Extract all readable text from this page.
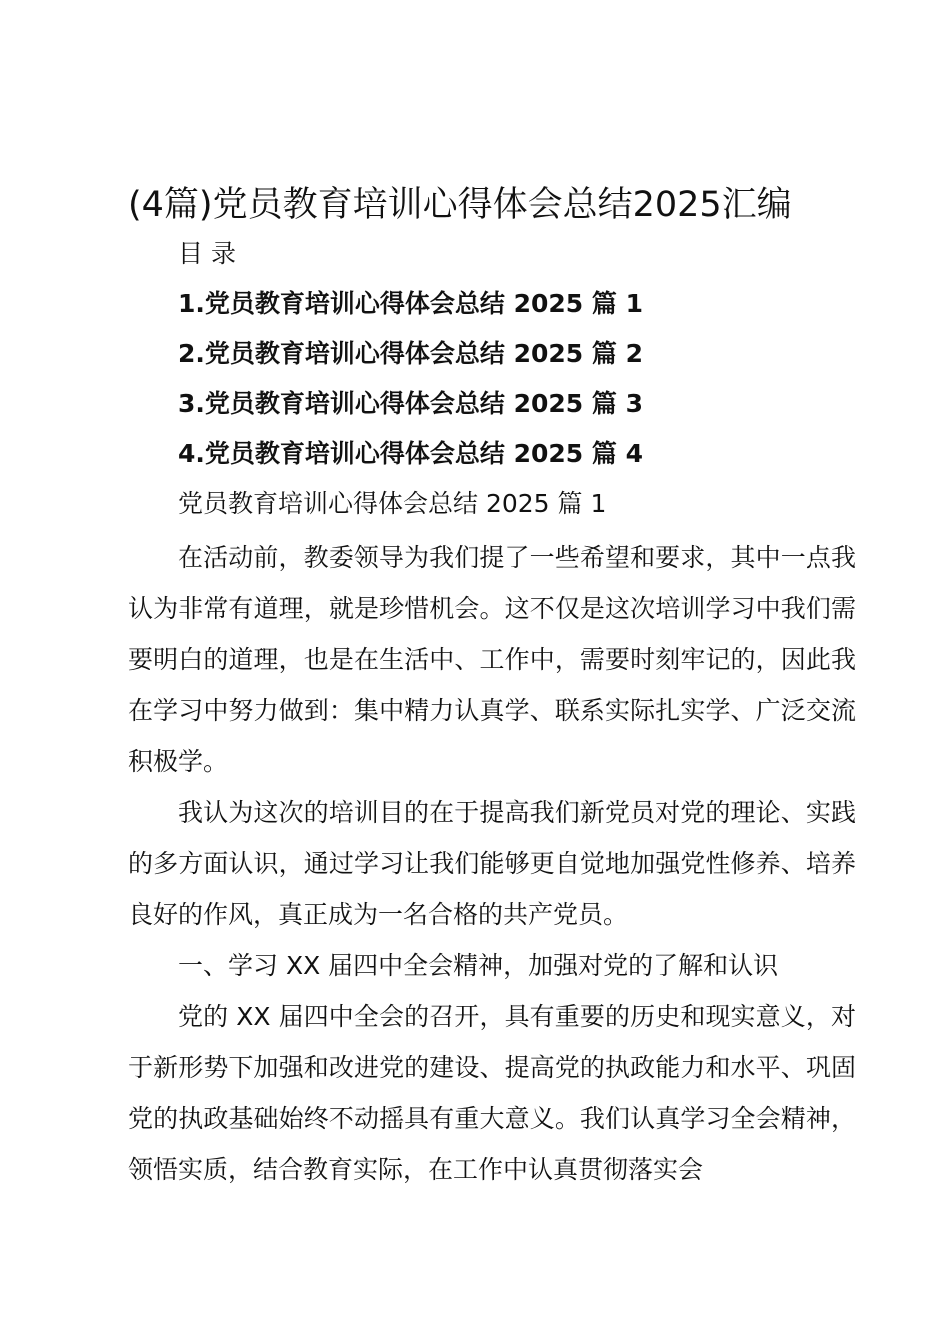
(4篇)党员教育培训心得体会总结2025汇编
目 录
1.党员教育培训心得体会总结 2025 篇 1
2.党员教育培训心得体会总结 2025 篇 2
3.党员教育培训心得体会总结 2025 篇 3
4.党员教育培训心得体会总结 2025 篇 4
党员教育培训心得体会总结 2025 篇 1

在活动前，教委领导为我们提了一些希望和要求，其中一点我认为非常有道理，就是珍惜机会。这不仅是这次培训学习中我们需要明白的道理，也是在生活中、工作中，需要时刻牢记的，因此我在学习中努力做到：集中精力认真学、联系实际扎实学、广泛交流积极学。

我认为这次的培训目的在于提高我们新党员对党的理论、实践的多方面认识，通过学习让我们能够更自觉地加强党性修养、培养良好的作风，真正成为一名合格的共产党员。

一、学习 XX 届四中全会精神，加强对党的了解和认识

党的 XX 届四中全会的召开，具有重要的历史和现实意义，对于新形势下加强和改进党的建设、提高党的执政能力和水平、巩固党的执政基础始终不动摇具有重大意义。我们认真学习全会精神，领悟实质，结合教育实际，在工作中认真贯彻落实会
